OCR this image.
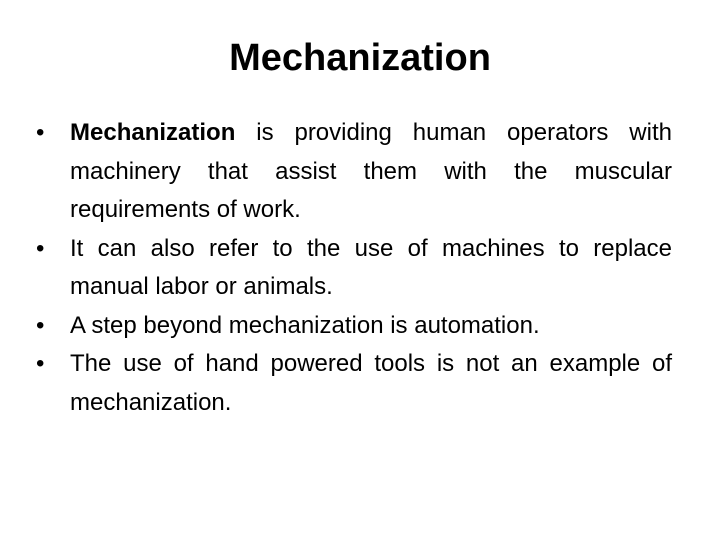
Mechanization
•	Mechanization is providing human operators with machinery that assist them with the muscular requirements of work.
•	It can also refer to the use of machines to replace manual labor or animals.
•	A step beyond mechanization is automation.
•	The use of hand powered tools is not an example of mechanization.
